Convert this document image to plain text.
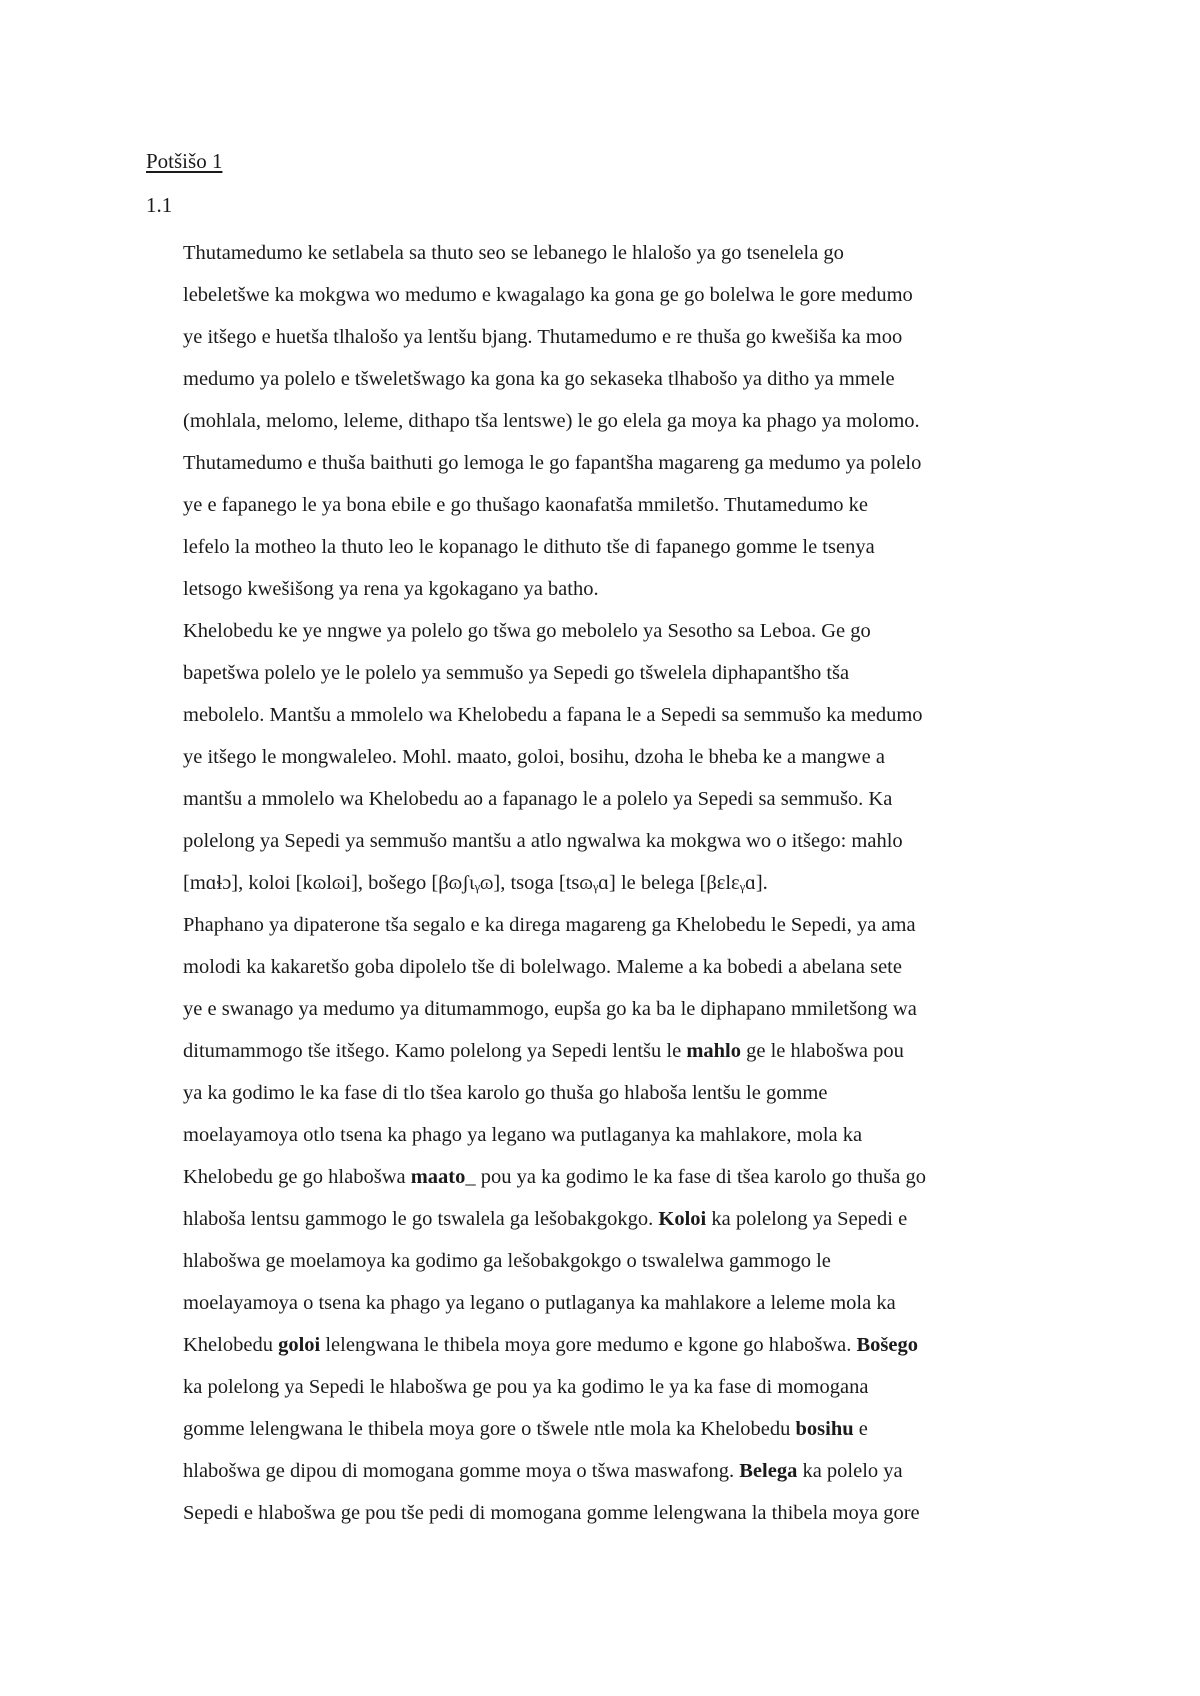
Potšišo 1
1.1
Thutamedumo ke setlabela sa thuto seo se lebanego le hlalošo ya go tsenelela go
lebeletšwe ka mokgwa wo medumo e kwagalago ka gona ge go bolelwa le gore medumo
ye itšego e huetša tlhalošo ya lentšu bjang. Thutamedumo e re thuša go kwešiša ka moo
medumo ya polelo e tšweletšwago ka gona ka go sekaseka tlhabošo ya ditho ya mmele
(mohlala, melomo, leleme, dithapo tša lentswe) le go elela ga moya ka phago ya molomo.
Thutamedumo e thuša baithuti go lemoga le go fapantšha magareng ga medumo ya polelo
ye e fapanego le ya bona ebile e go thušago kaonafatša mmiletšo. Thutamedumo ke
lefelo la motheo la thuto leo le kopanago le dithuto tše di fapanego gomme le tsenya
letsogo kwešišong ya rena ya kgokagano ya batho.
Khelobedu ke ye nngwe ya polelo go tšwa go mebolelo ya Sesotho sa Leboa. Ge go
bapetšwa polelo ye le polelo ya semmušo ya Sepedi go tšwelela diphapantšho tša
mebolelo. Mantšu a mmolelo wa Khelobedu a fapana le a Sepedi sa semmušo ka medumo
ye itšego le mongwaleleo. Mohl. maato, goloi, bosihu, dzoha le bheba ke a mangwe a
mantšu a mmolelo wa Khelobedu ao a fapanago le a polelo ya Sepedi sa semmušo. Ka
polelong ya Sepedi ya semmušo mantšu a atlo ngwalwa ka mokgwa wo o itšego: mahlo
[mɑɬɔ], koloi [kɷlɷi], bošego [βɷʃɩᵧɷ], tsoga [tsɷᵧɑ] le belega [βɛlɛᵧɑ].
Phaphano ya dipaterone tša segalo e ka direga magareng ga Khelobedu le Sepedi, ya ama
molodi ka kakaretšo goba dipolelo tše di bolelwago. Maleme a ka bobedi a abelana sete
ye e swanago ya medumo ya ditumammogo, eupša go ka ba le diphapano mmiletšong wa
ditumammogo tše itšego. Kamo polelong ya Sepedi lentšu le mahlo ge le hlabošwa pou
ya ka godimo le ka fase di tlo tšea karolo go thuša go hlaboša lentšu le gomme
moelayamoya otlo tsena ka phago ya legano wa putlaganya ka mahlakore, mola ka
Khelobedu ge go hlabošwa maato_ pou ya ka godimo le ka fase di tšea karolo go thuša go
hlaboša lentsu gammogo le go tswalela ga lešobakgokgo. Koloi ka polelong ya Sepedi e
hlabošwa ge moelamoya ka godimo ga lešobakgokgo o tswalelwa gammogo le
moelayamoya o tsena ka phago ya legano o putlaganya ka mahlakore a leleme mola ka
Khelobedu goloi lelengwana le thibela moya gore medumo e kgone go hlabošwa. Bošego
ka polelong ya Sepedi le hlabošwa ge pou ya ka godimo le ya ka fase di momogana
gomme lelengwana le thibela moya gore o tšwele ntle mola ka Khelobedu bosihu e
hlabošwa ge dipou di momogana gomme moya o tšwa maswafong. Belega ka polelo ya
Sepedi e hlabošwa ge pou tše pedi di momogana gomme lelengwana la thibela moya gore
